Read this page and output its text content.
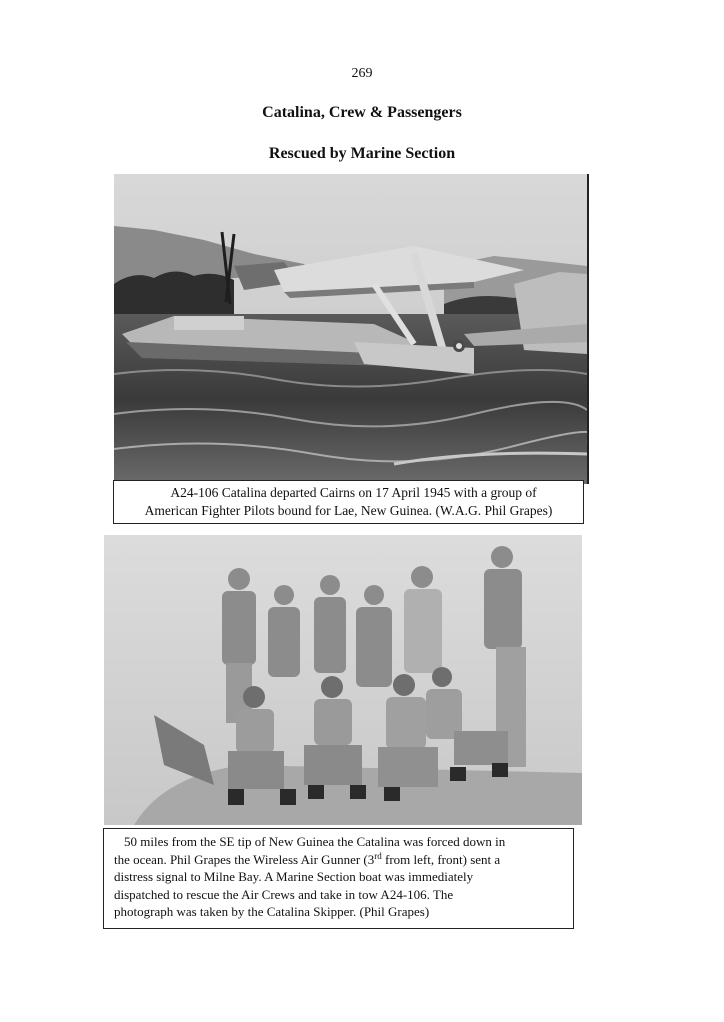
269
Catalina, Crew & Passengers
Rescued by Marine Section

A24-106 Catalina departed Cairns on 17 April 1945 with a group of

American Fighter Pilots bound for Lae, New Guinea. (W.A.G. Phil Grapes)

50 miles from the SE tip of New Guinea the Catalina was forced down in

the ocean. Phil Grapes the Wireless Air Gunner (3rd from left, front) sent a

distress signal to Milne Bay. A Marine Section boat was immediately

dispatched to rescue the Air Crews and take in tow A24-106. The

photograph was taken by the Catalina Skipper. (Phil Grapes)
